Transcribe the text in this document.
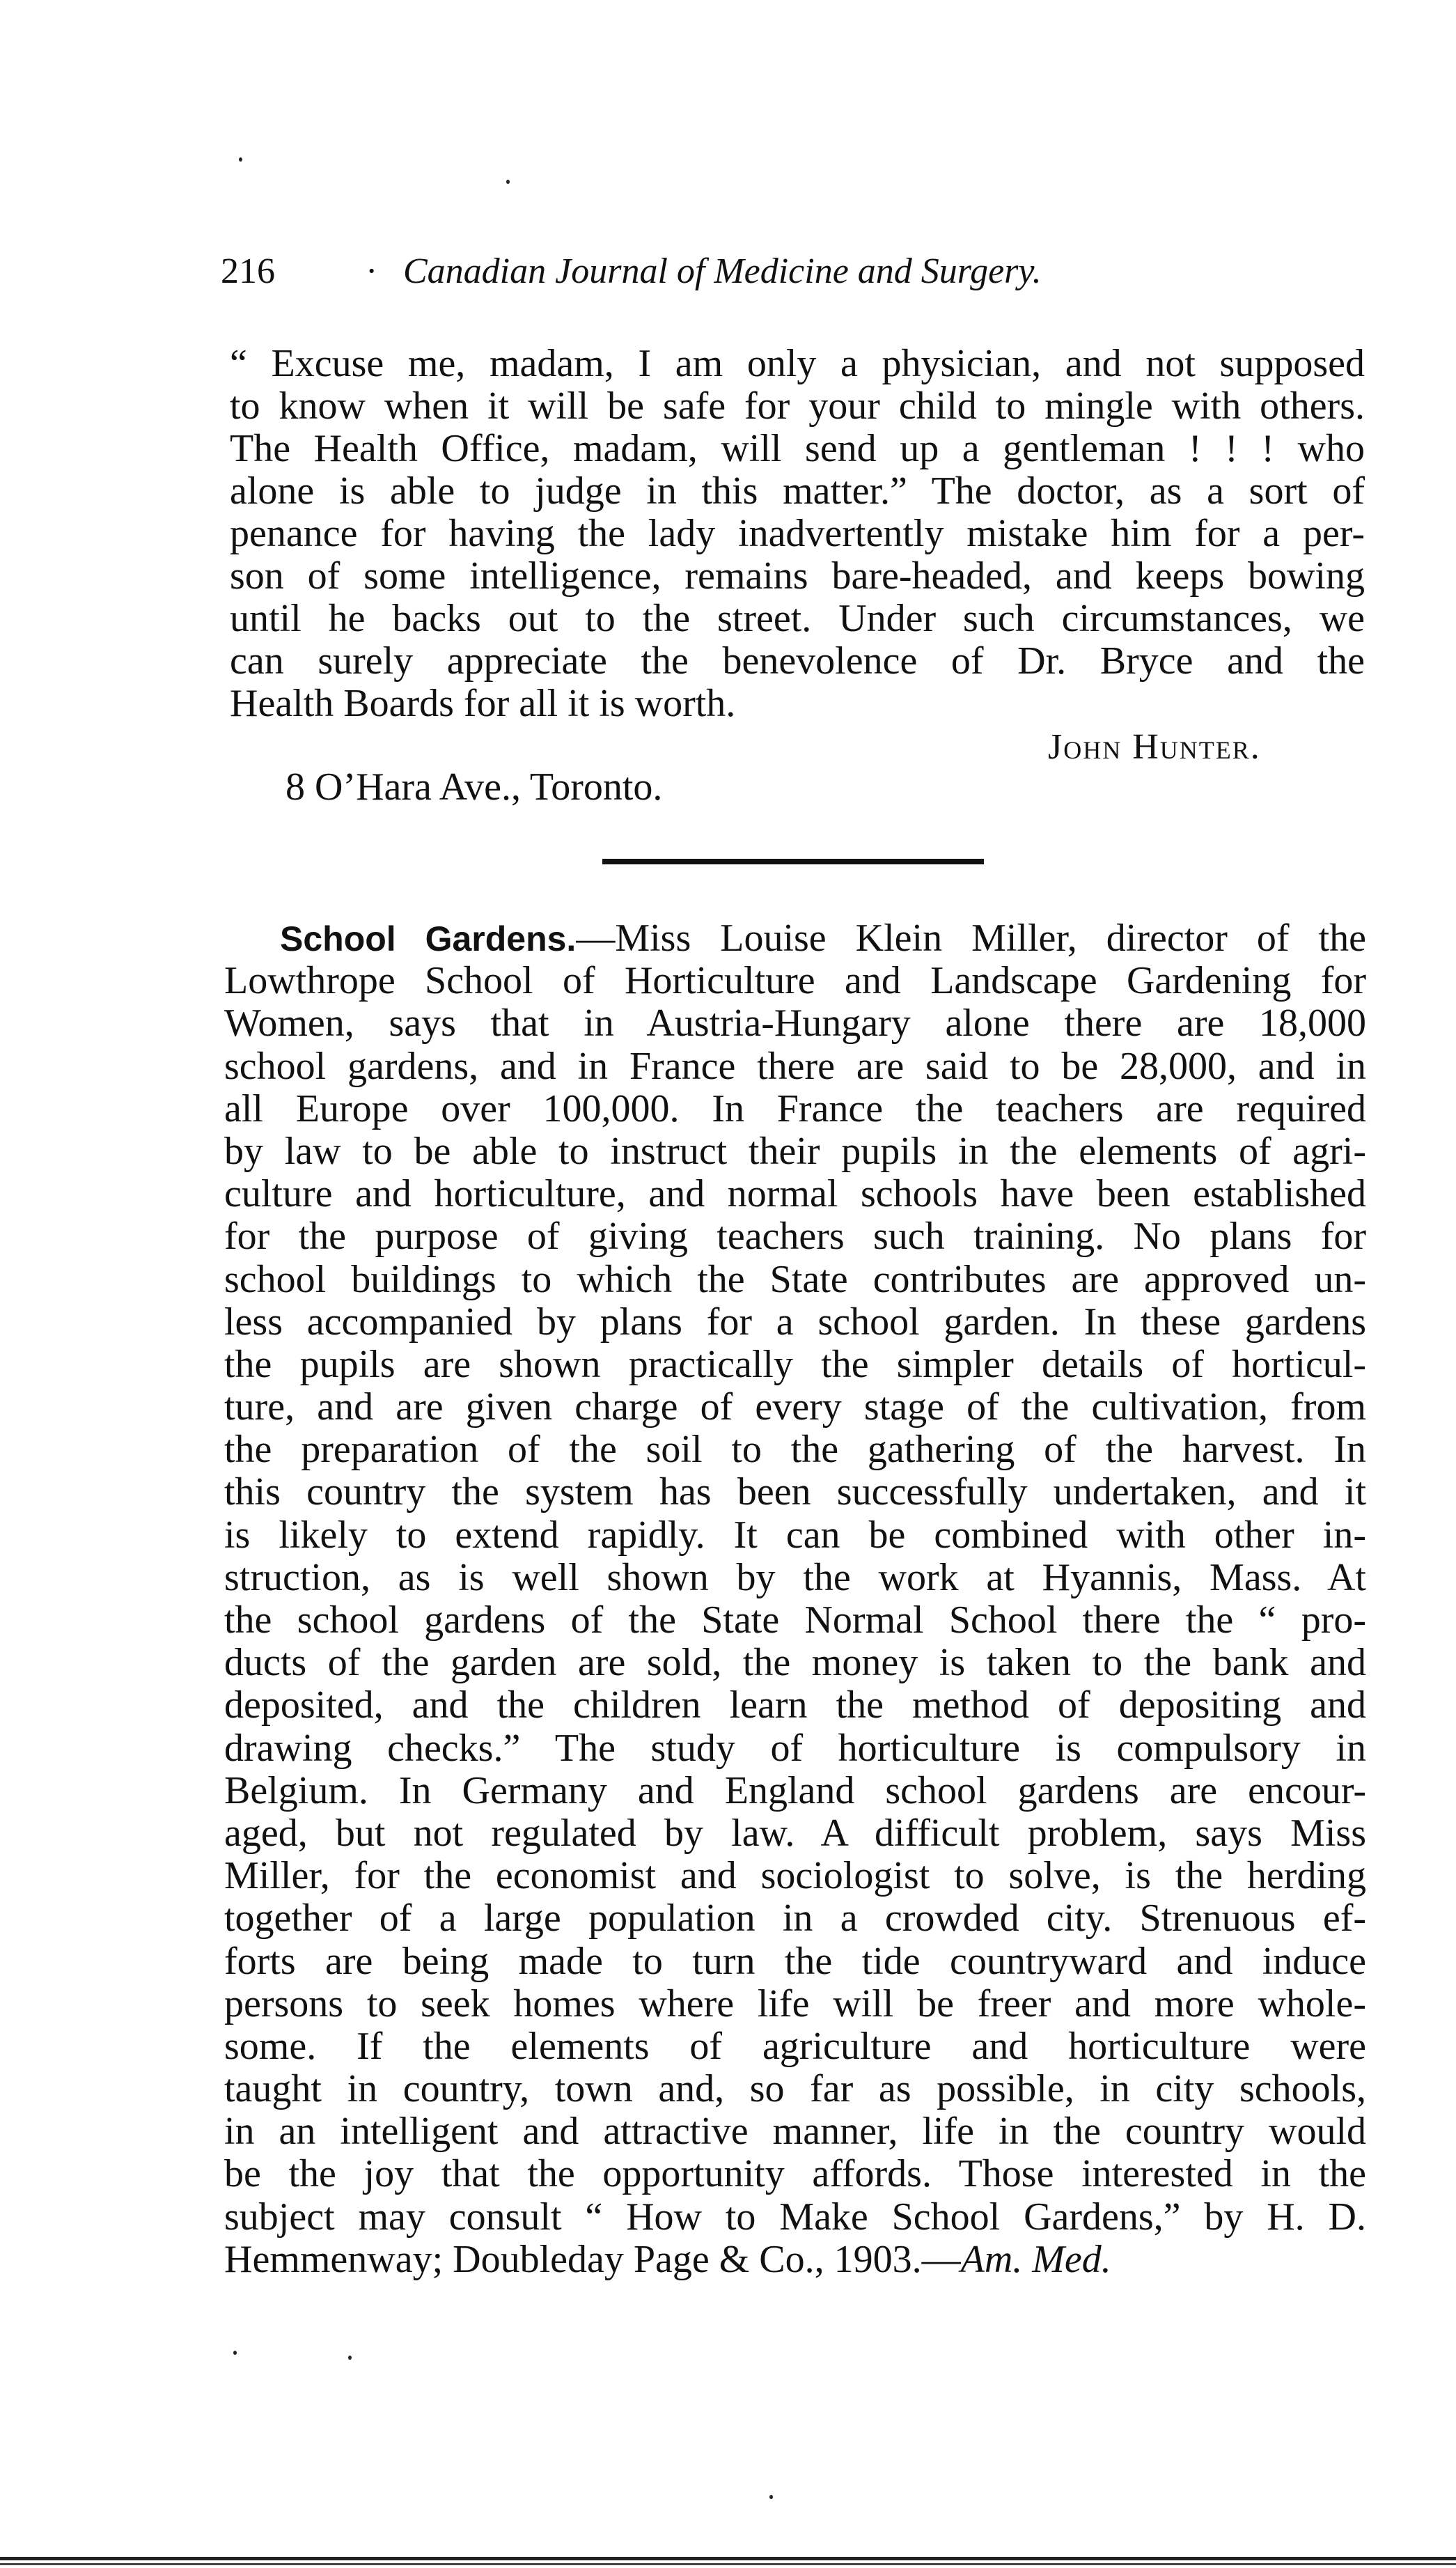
216	· Canadian Journal of Medicine and Surgery.
“ Excuse me, madam, I am only a physician, and not supposed
to know when it will be safe for your child to mingle with others.
The Health Office, madam, will send up a gentleman ! ! ! who
alone is able to judge in this matter.” The doctor, as a sort of
penance for having the lady inadvertently mistake him for a per-
son of some intelligence, remains bare-headed, and keeps bowing
until he backs out to the street. Under such circumstances, we
can surely appreciate the benevolence of Dr. Bryce and the
Health Boards for all it is worth.
John Hunter.
8 O’Hara Ave., Toronto.
School Gardens.—Miss Louise Klein Miller, director of the
Lowthrope School of Horticulture and Landscape Gardening for
Women, says that in Austria-Hungary alone there are 18,000
school gardens, and in France there are said to be 28,000, and in
all Europe over 100,000. In France the teachers are required
by law to be able to instruct their pupils in the elements of agri-
culture and horticulture, and normal schools have been established
for the purpose of giving teachers such training. No plans for
school buildings to which the State contributes are approved un-
less accompanied by plans for a school garden. In these gardens
the pupils are shown practically the simpler details of horticul-
ture, and are given charge of every stage of the cultivation, from
the preparation of the soil to the gathering of the harvest. In
this country the system has been successfully undertaken, and it
is likely to extend rapidly. It can be combined with other in-
struction, as is well shown by the work at Hyannis, Mass. At
the school gardens of the State Normal School there the “ pro-
ducts of the garden are sold, the money is taken to the bank and
deposited, and the children learn the method of depositing and
drawing checks.” The study of horticulture is compulsory in
Belgium. In Germany and England school gardens are encour-
aged, but not regulated by law. A difficult problem, says Miss
Miller, for the economist and sociologist to solve, is the herding
together of a large population in a crowded city. Strenuous ef-
forts are being made to turn the tide countryward and induce
persons to seek homes where life will be freer and more whole-
some. If the elements of agriculture and horticulture were
taught in country, town and, so far as possible, in city schools,
in an intelligent and attractive manner, life in the country would
be the joy that the opportunity affords. Those interested in the
subject may consult “ How to Make School Gardens,” by H. D.
Hemmenway; Doubleday Page & Co., 1903.—Am. Med.
